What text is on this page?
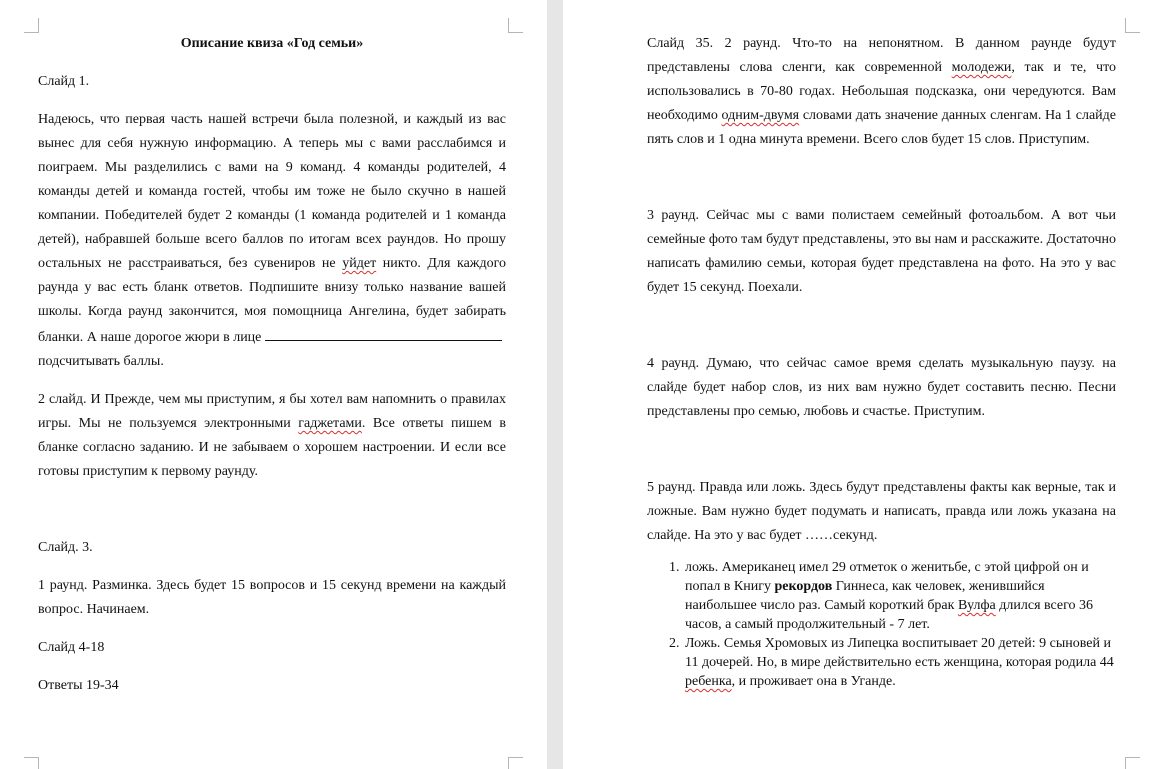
Описание квиза «Год семьи»

Слайд 1.

Надеюсь, что первая часть нашей встречи была полезной, и каждый из вас вынес для себя нужную информацию. А теперь мы с вами расслабимся и поиграем. Мы разделились с вами на 9 команд. 4 команды родителей, 4 команды детей и команда гостей, чтобы им тоже не было скучно в нашей компании. Победителей будет 2 команды (1 команда родителей и 1 команда детей), набравшей больше всего баллов по итогам всех раундов. Но прошу остальных не расстраиваться, без сувениров не уйдет никто. Для каждого раунда у вас есть бланк ответов. Подпишите внизу только название вашей школы. Когда раунд закончится, моя помощница Ангелина, будет забирать бланки. А наше дорогое жюри в лице

подсчитывать баллы.

2 слайд. И Прежде, чем мы приступим, я бы хотел вам напомнить о правилах игры. Мы не пользуемся электронными гаджетами. Все ответы пишем в бланке согласно заданию. И не забываем о хорошем настроении. И если все готовы приступим к первому раунду.

Слайд. 3.

1 раунд. Разминка. Здесь будет 15 вопросов и 15 секунд времени на каждый вопрос. Начинаем.

Слайд 4-18

Ответы 19-34

Слайд 35. 2 раунд. Что-то на непонятном. В данном раунде будут представлены слова сленги, как современной молодежи, так и те, что использовались в 70-80 годах. Небольшая подсказка, они чередуются. Вам необходимо одним-двумя словами дать значение данных сленгам. На 1 слайде пять слов и 1 одна минута времени. Всего слов будет 15 слов. Приступим.

3 раунд. Сейчас мы с вами полистаем семейный фотоальбом. А вот чьи семейные фото там будут представлены, это вы нам и расскажите. Достаточно написать фамилию семьи, которая будет представлена на фото. На это у вас будет 15 секунд. Поехали.

4 раунд. Думаю, что сейчас самое время сделать музыкальную паузу. на слайде будет набор слов, из них вам нужно будет составить песню. Песни представлены про семью, любовь и счастье. Приступим.

5 раунд. Правда или ложь. Здесь будут представлены факты как верные, так и ложные. Вам нужно будет подумать и написать, правда или ложь указана на слайде. На это у вас будет ……секунд.

1. ложь. Американец имел 29 отметок о женитьбе, с этой цифрой он и попал в Книгу рекордов Гиннеса, как человек, женившийся наибольшее число раз. Самый короткий брак Вулфа длился всего 36 часов, а самый продолжительный - 7 лет.
2. Ложь. Семья Хромовых из Липецка воспитывает 20 детей: 9 сыновей и 11 дочерей. Но, в мире действительно есть женщина, которая родила 44 ребенка, и проживает она в Уганде.
